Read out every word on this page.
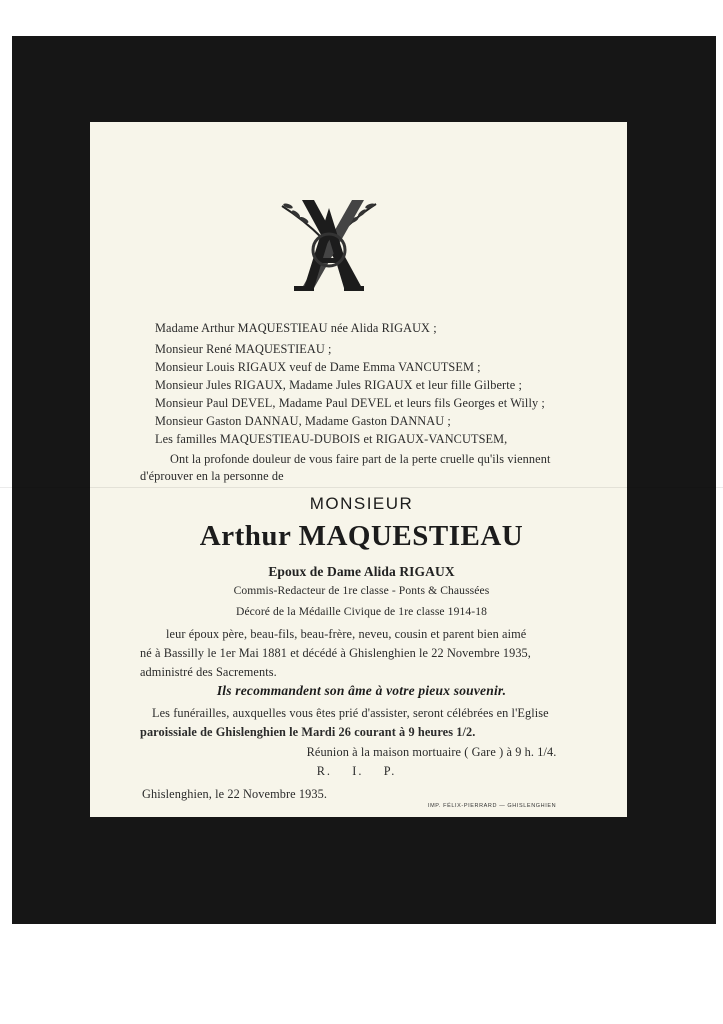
Madame Arthur MAQUESTIEAU née Alida RIGAUX ;
Monsieur René MAQUESTIEAU ;
Monsieur Louis RIGAUX veuf de Dame Emma VANCUTSEM ;
Monsieur Jules RIGAUX, Madame Jules RIGAUX et leur fille Gilberte ;
Monsieur Paul DEVEL, Madame Paul DEVEL et leurs fils Georges et Willy ;
Monsieur Gaston DANNAU, Madame Gaston DANNAU ;
Les familles MAQUESTIEAU-DUBOIS et RIGAUX-VANCUTSEM,
Ont la profonde douleur de vous faire part de la perte cruelle qu'ils viennent
d'éprouver en la personne de
MONSIEUR
Arthur MAQUESTIEAU
Epoux de Dame Alida RIGAUX
Commis-Redacteur de 1re classe - Ponts & Chaussées
Décoré de la Médaille Civique de 1re classe 1914-18
leur époux père, beau-fils, beau-frère, neveu, cousin et parent bien aimé
né à Bassilly le 1er Mai 1881 et décédé à Ghislenghien le 22 Novembre 1935,
administré des Sacrements.
Ils recommandent son âme à votre pieux souvenir.
Les funérailles, auxquelles vous êtes prié d'assister, seront célébrées en l'Eglise
paroissiale de Ghislenghien le Mardi 26 courant à 9 heures 1/2.
Réunion à la maison mortuaire ( Gare ) à 9 h. 1/4.
R.    I.    P.
Ghislenghien, le 22 Novembre 1935.
IMP. FÉLIX-PIERRARD — GHISLENGHIEN
